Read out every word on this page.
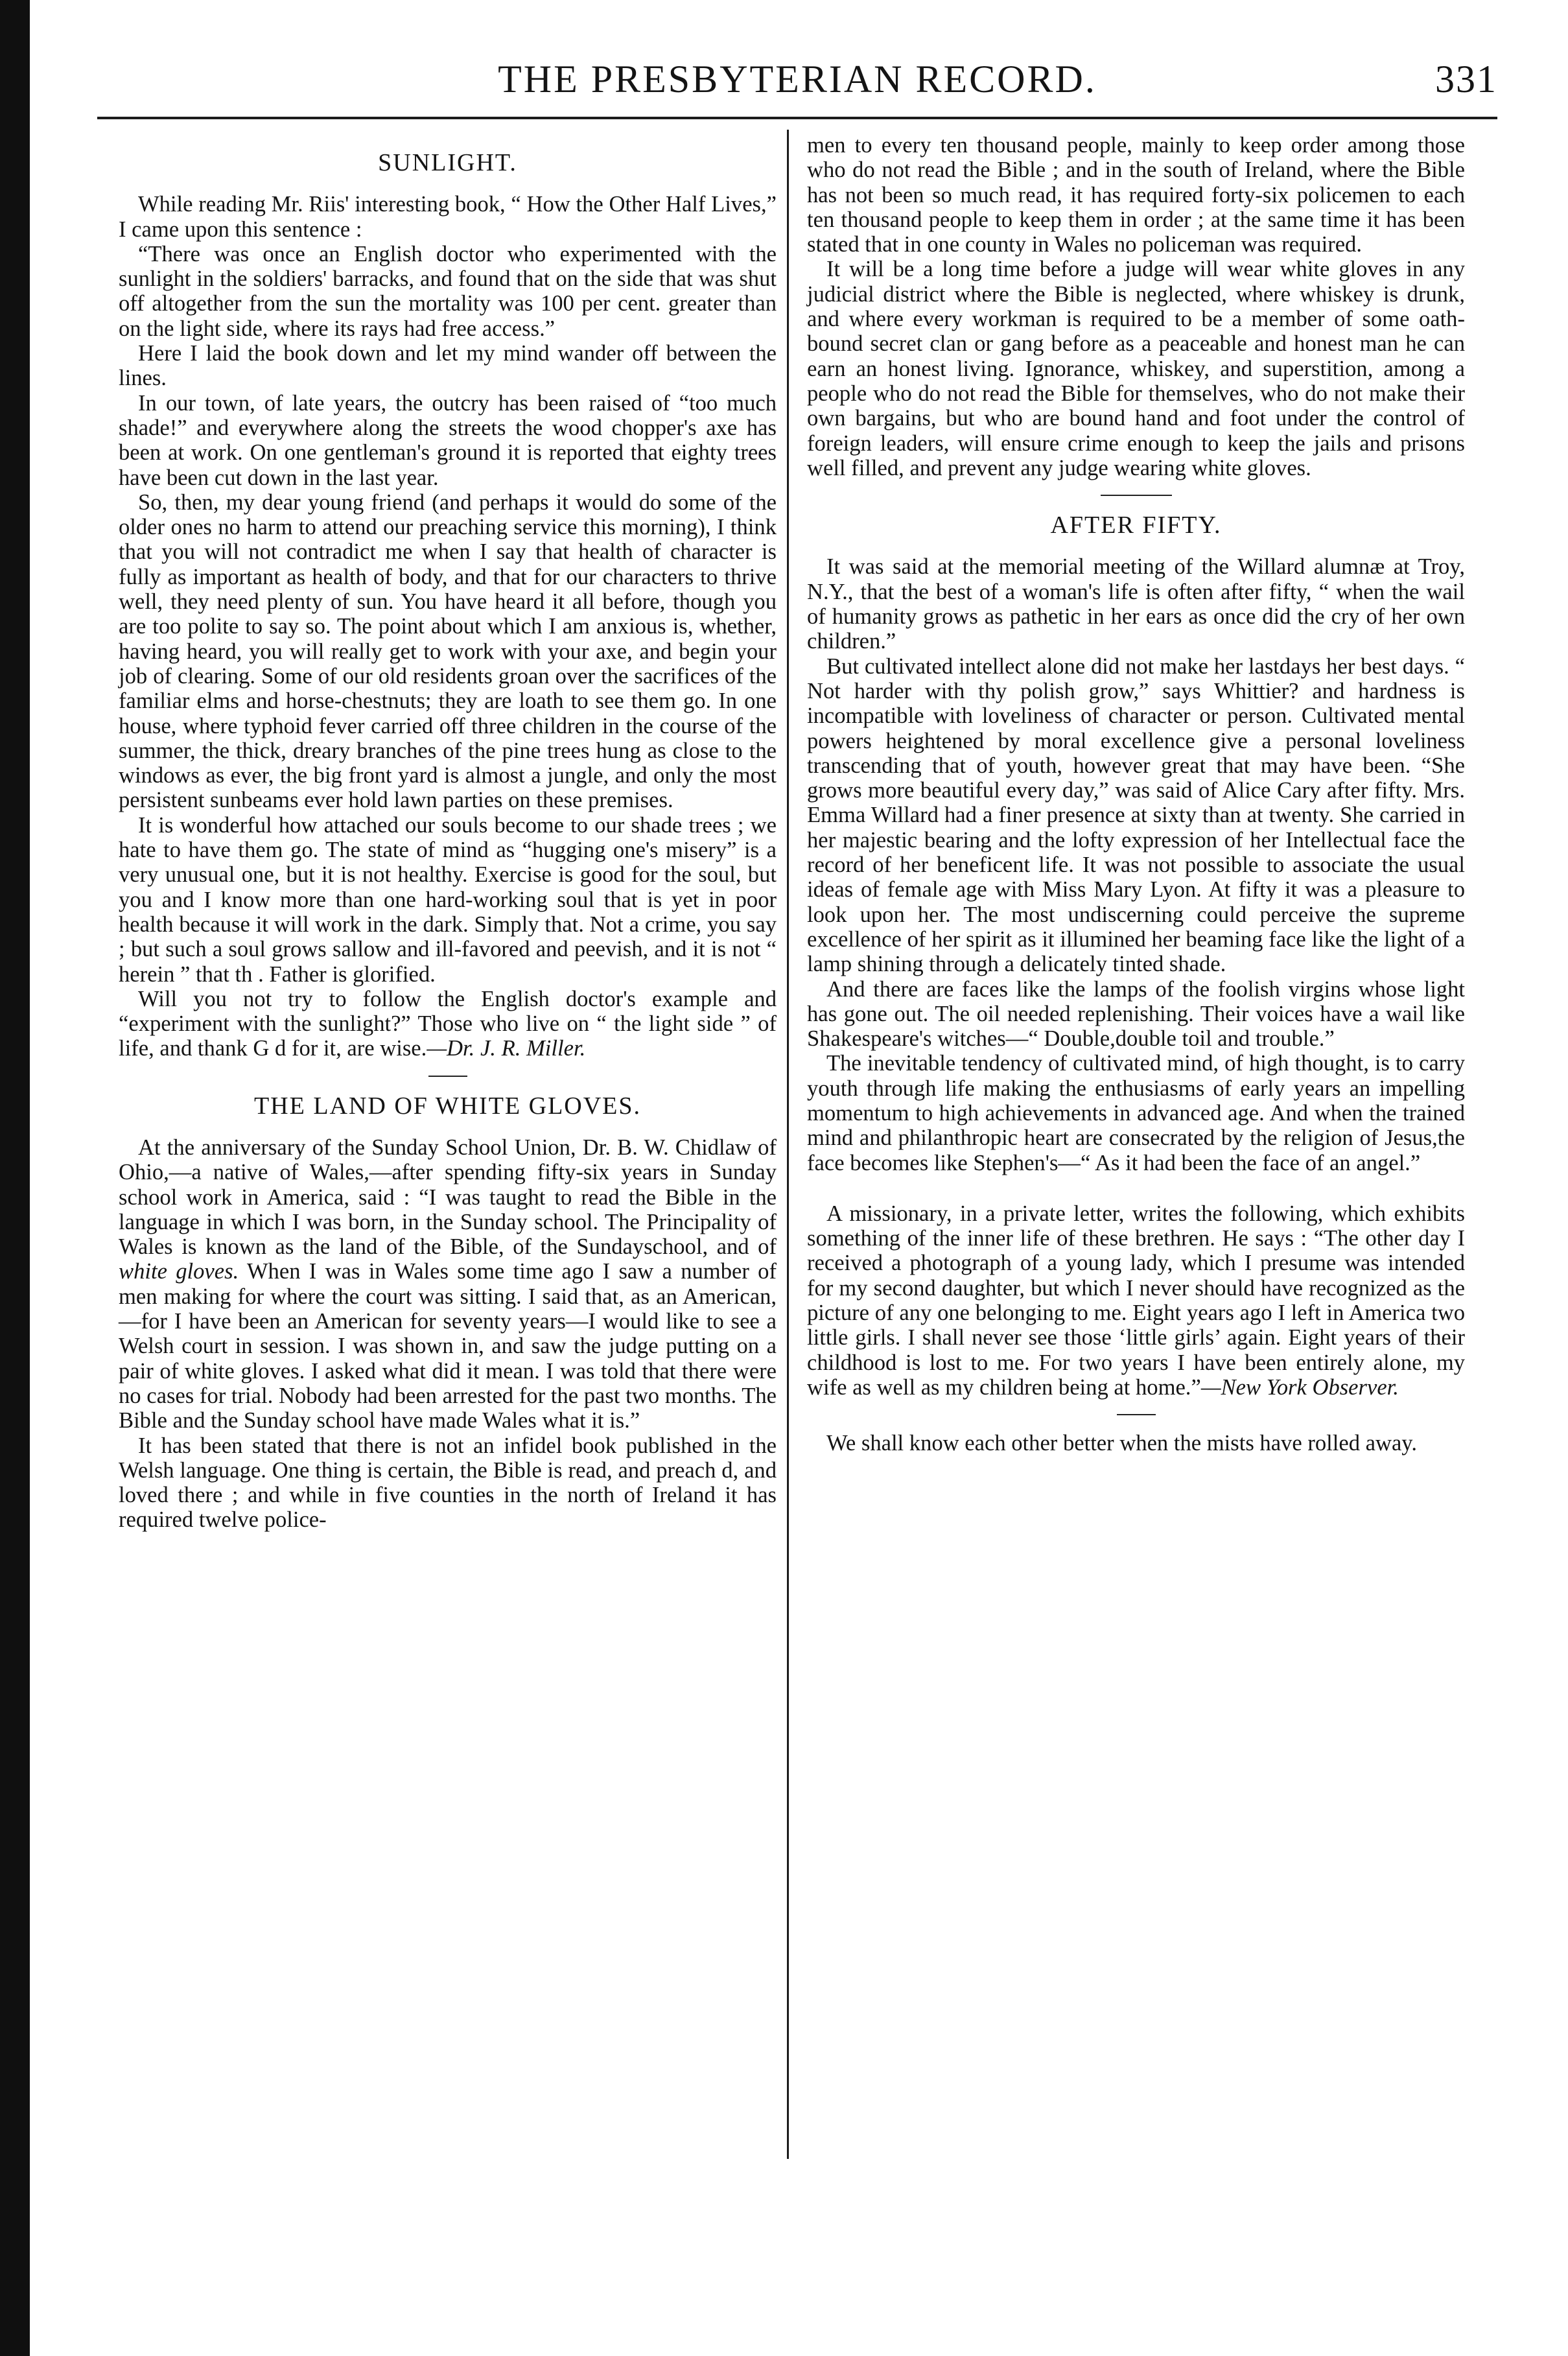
THE PRESBYTERIAN RECORD.	331
SUNLIGHT.

While reading Mr. Riis' interesting book, “ How the Other Half Lives,” I came upon this sentence :

“There was once an English doctor who experimented with the sunlight in the soldiers' barracks, and found that on the side that was shut off altogether from the sun the mortality was 100 per cent. greater than on the light side, where its rays had free access.”

Here I laid the book down and let my mind wander off between the lines.

In our town, of late years, the outcry has been raised of “too much shade!” and everywhere along the streets the wood chopper's axe has been at work. On one gentleman's ground it is reported that eighty trees have been cut down in the last year.

So, then, my dear young friend (and perhaps it would do some of the older ones no harm to attend our preaching service this morning), I think that you will not contradict me when I say that health of character is fully as important as health of body, and that for our characters to thrive well, they need plenty of sun. You have heard it all before, though you are too polite to say so. The point about which I am anxious is, whether, having heard, you will really get to work with your axe, and begin your job of clearing. Some of our old residents groan over the sacrifices of the familiar elms and horse-chestnuts; they are loath to see them go. In one house, where typhoid fever carried off three children in the course of the summer, the thick, dreary branches of the pine trees hung as close to the windows as ever, the big front yard is almost a jungle, and only the most persistent sunbeams ever hold lawn parties on these premises.

It is wonderful how attached our souls become to our shade trees ; we hate to have them go. The state of mind as “hugging one's misery” is a very unusual one, but it is not healthy. Exercise is good for the soul, but you and I know more than one hard-working soul that is yet in poor health because it will work in the dark. Simply that. Not a crime, you say ; but such a soul grows sallow and ill-favored and peevish, and it is not “ herein ” that th . Father is glorified.

Will you not try to follow the English doctor's example and “experiment with the sunlight?” Those who live on “ the light side ” of life, and thank G d for it, are wise.—Dr. J. R. Miller.

THE LAND OF WHITE GLOVES.

At the anniversary of the Sunday School Union, Dr. B. W. Chidlaw of Ohio,—a native of Wales,—after spending fifty-six years in Sunday school work in America, said : “I was taught to read the Bible in the language in which I was born, in the Sunday school. The Principality of Wales is known as the land of the Bible, of the Sundayschool, and of white gloves. When I was in Wales some time ago I saw a number of men making for where the court was sitting. I said that, as an American,—for I have been an American for seventy years—I would like to see a Welsh court in session. I was shown in, and saw the judge putting on a pair of white gloves. I asked what did it mean. I was told that there were no cases for trial. Nobody had been arrested for the past two months. The Bible and the Sunday school have made Wales what it is.”

It has been stated that there is not an infidel book published in the Welsh language. One thing is certain, the Bible is read, and preach d, and loved there ; and while in five counties in the north of Ireland it has required twelve police-

men to every ten thousand people, mainly to keep order among those who do not read the Bible ; and in the south of Ireland, where the Bible has not been so much read, it has required forty-six policemen to each ten thousand people to keep them in order ; at the same time it has been stated that in one county in Wales no policeman was required.

It will be a long time before a judge will wear white gloves in any judicial district where the Bible is neglected, where whiskey is drunk, and where every workman is required to be a member of some oath-bound secret clan or gang before as a peaceable and honest man he can earn an honest living. Ignorance, whiskey, and superstition, among a people who do not read the Bible for themselves, who do not make their own bargains, but who are bound hand and foot under the control of foreign leaders, will ensure crime enough to keep the jails and prisons well filled, and prevent any judge wearing white gloves.

AFTER FIFTY.

It was said at the memorial meeting of the Willard alumnæ at Troy, N.Y., that the best of a woman's life is often after fifty, “ when the wail of humanity grows as pathetic in her ears as once did the cry of her own children.”

But cultivated intellect alone did not make her lastdays her best days. “ Not harder with thy polish grow,” says Whittier? and hardness is incompatible with loveliness of character or person. Cultivated mental powers heightened by moral excellence give a personal loveliness transcending that of youth, however great that may have been. “She grows more beautiful every day,” was said of Alice Cary after fifty. Mrs. Emma Willard had a finer presence at sixty than at twenty. She carried in her majestic bearing and the lofty expression of her Intellectual face the record of her beneficent life. It was not possible to associate the usual ideas of female age with Miss Mary Lyon. At fifty it was a pleasure to look upon her. The most undiscerning could perceive the supreme excellence of her spirit as it illumined her beaming face like the light of a lamp shining through a delicately tinted shade.

And there are faces like the lamps of the foolish virgins whose light has gone out. The oil needed replenishing. Their voices have a wail like Shakespeare's witches—“ Double,double toil and trouble.”

The inevitable tendency of cultivated mind, of high thought, is to carry youth through life making the enthusiasms of early years an impelling momentum to high achievements in advanced age. And when the trained mind and philanthropic heart are consecrated by the religion of Jesus,the face becomes like Stephen's—“ As it had been the face of an angel.”

A missionary, in a private letter, writes the following, which exhibits something of the inner life of these brethren. He says : “The other day I received a photograph of a young lady, which I presume was intended for my second daughter, but which I never should have recognized as the picture of any one belonging to me. Eight years ago I left in America two little girls. I shall never see those ‘little girls’ again. Eight years of their childhood is lost to me. For two years I have been entirely alone, my wife as well as my children being at home.”—New York Observer.

We shall know each other better when the mists have rolled away.
